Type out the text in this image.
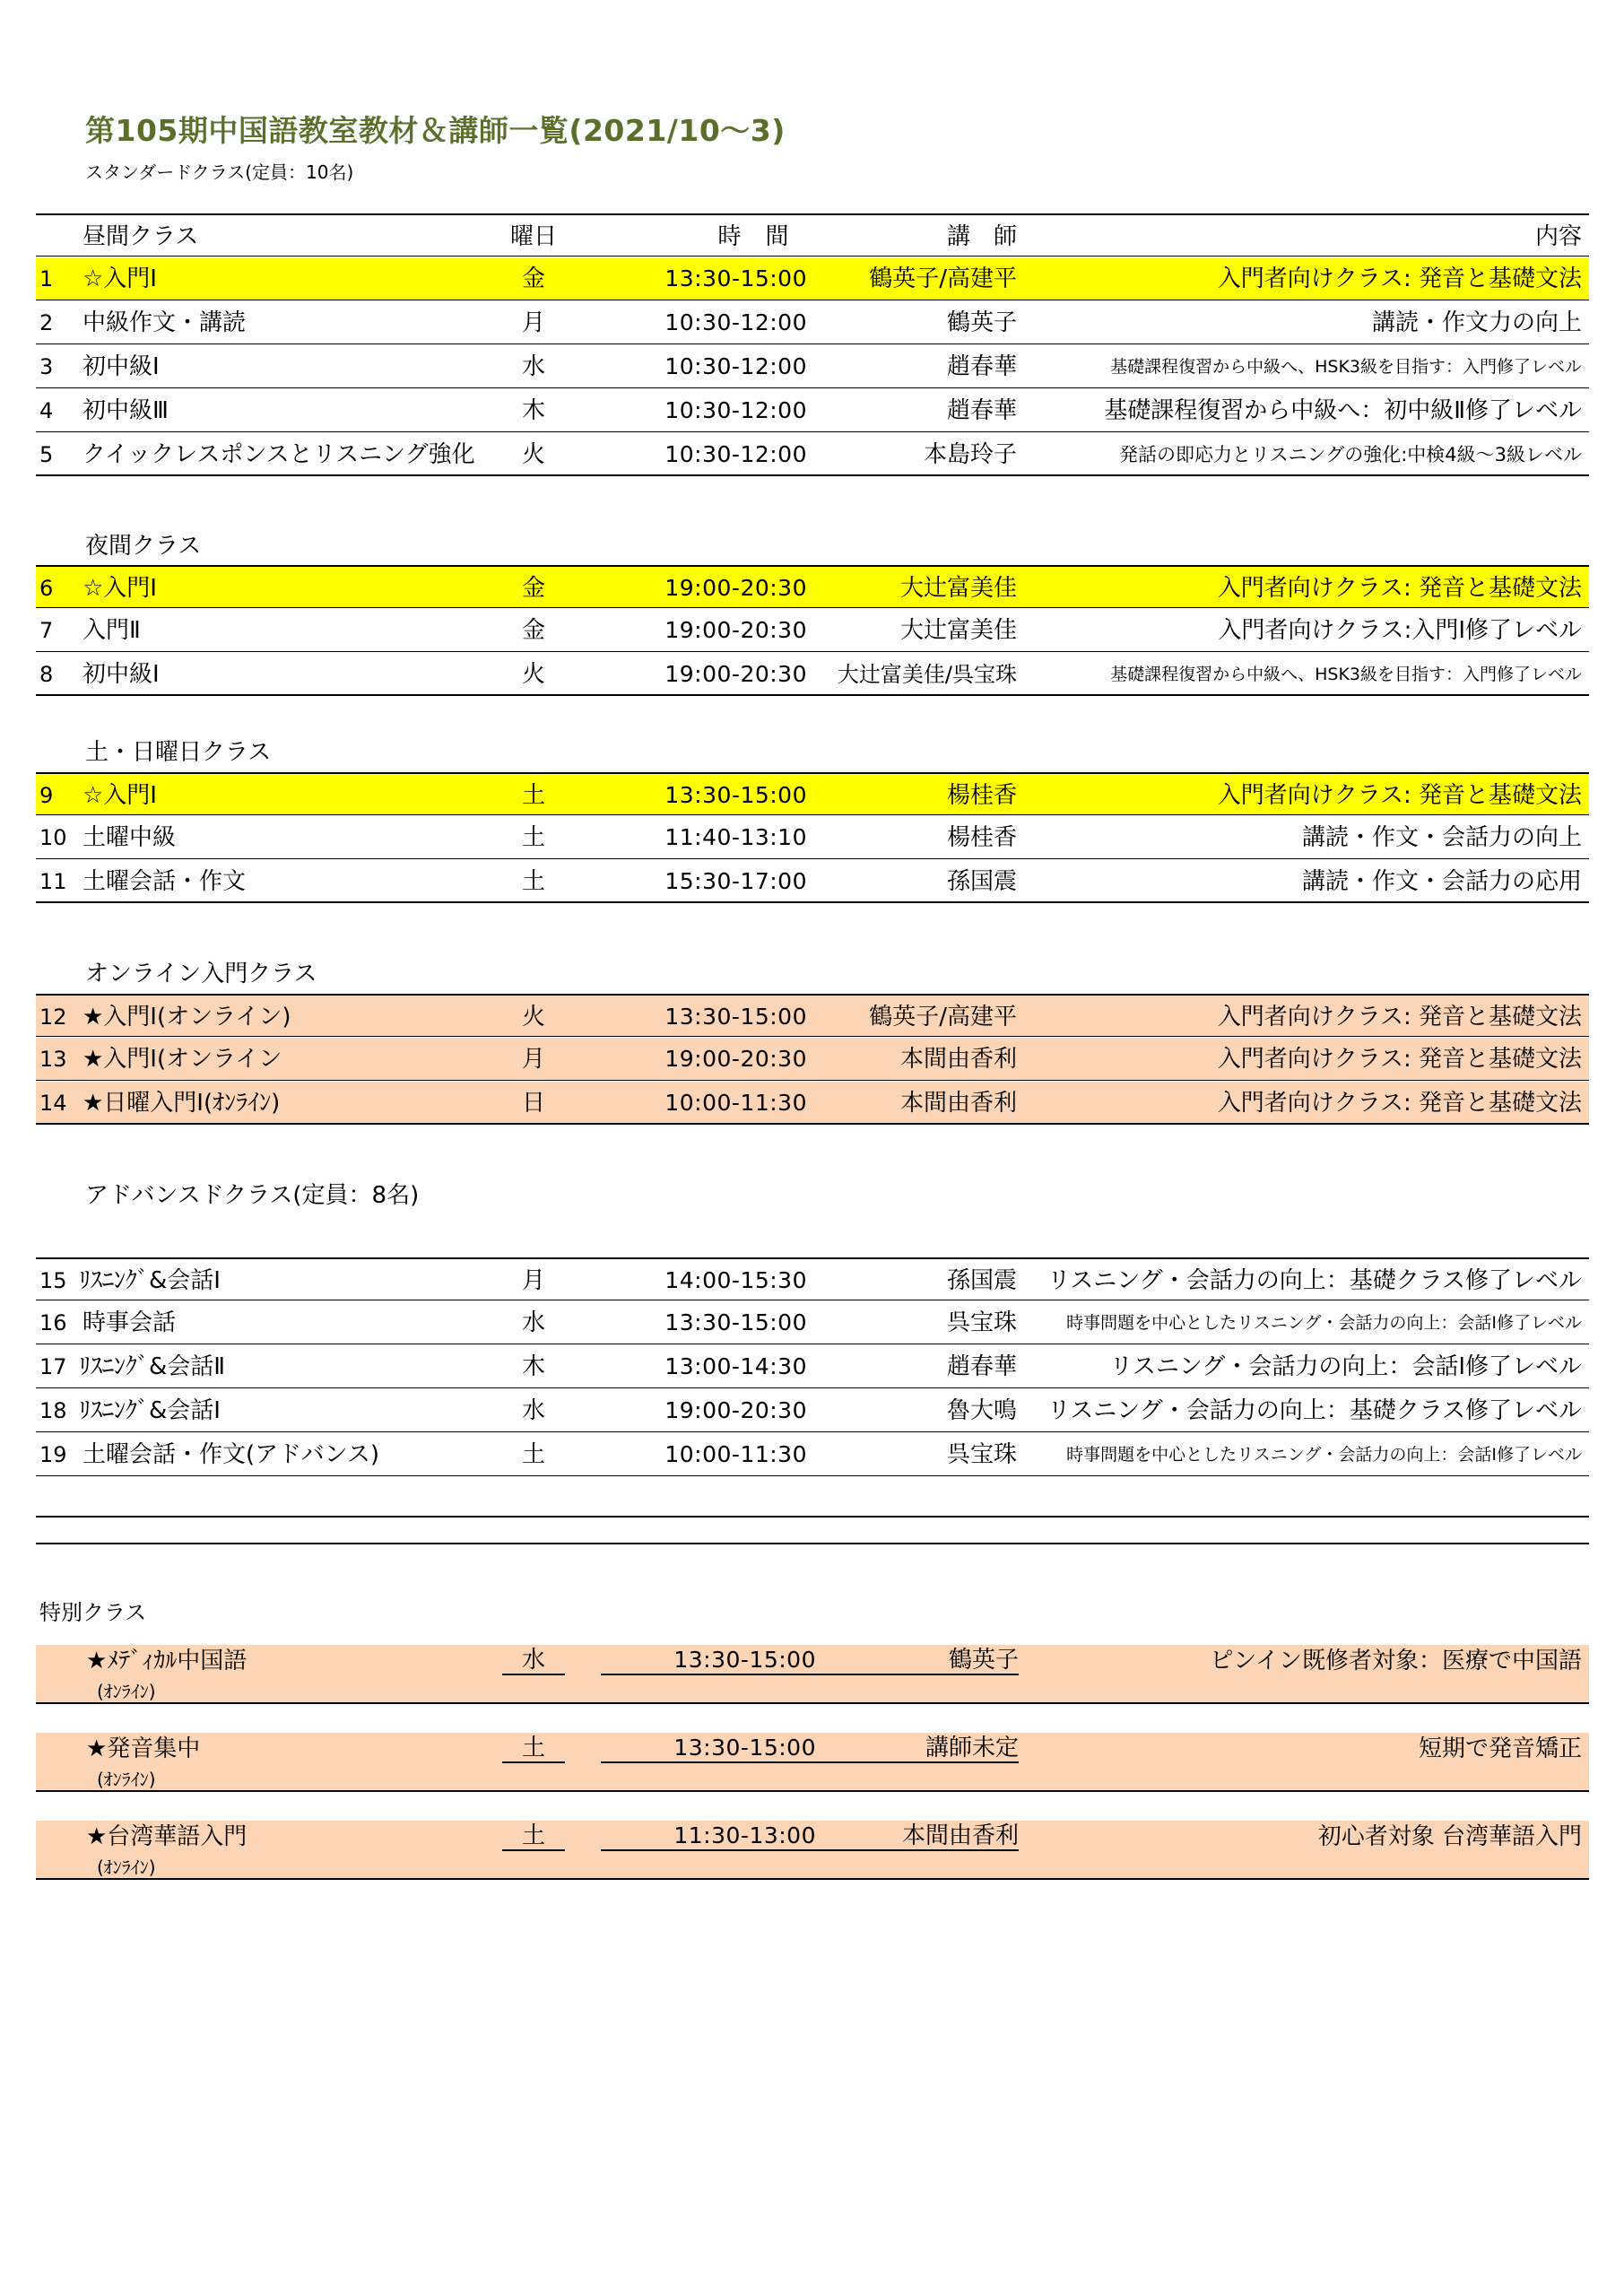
第105期中国語教室教材＆講師一覧(2021/10～3)
スタンダードクラス(定員：10名)
昼間クラス	曜日	時　間	講　師	内容
1	☆入門Ⅰ	金	13:30-15:00	鶴英子/高建平	入門者向けクラス: 発音と基礎文法
2	中級作文・講読	月	10:30-12:00	鶴英子	講読・作文力の向上
3	初中級Ⅰ	水	10:30-12:00	趙春華	基礎課程復習から中級へ、HSK3級を目指す：入門修了レベル
4	初中級Ⅲ	木	10:30-12:00	趙春華	基礎課程復習から中級へ：初中級Ⅱ修了レベル
5	クイックレスポンスとリスニング強化	火	10:30-12:00	本島玲子	発話の即応力とリスニングの強化:中検4級～3級レベル
夜間クラス
6	☆入門Ⅰ	金	19:00-20:30	大辻富美佳	入門者向けクラス: 発音と基礎文法
7	入門Ⅱ	金	19:00-20:30	大辻富美佳	入門者向けクラス:入門Ⅰ修了レベル
8	初中級Ⅰ	火	19:00-20:30	大辻富美佳/呉宝珠	基礎課程復習から中級へ、HSK3級を目指す：入門修了レベル
土・日曜日クラス
9	☆入門Ⅰ	土	13:30-15:00	楊桂香	入門者向けクラス: 発音と基礎文法
10 土曜中級	土	11:40-13:10	楊桂香	講読・作文・会話力の向上
11 土曜会話・作文	土	15:30-17:00	孫国震	講読・作文・会話力の応用
オンライン入門クラス
12 ★入門Ⅰ(オンライン)	火	13:30-15:00	鶴英子/高建平	入門者向けクラス: 発音と基礎文法
13 ★入門Ⅰ(オンライン	月	19:00-20:30	本間由香利	入門者向けクラス: 発音と基礎文法
14 ★日曜入門Ⅰ(ｵﾝﾗｲﾝ)	日	10:00-11:30	本間由香利	入門者向けクラス: 発音と基礎文法
アドバンスドクラス(定員：8名)
15 ﾘｽﾆﾝｸﾞ&会話Ⅰ	月	14:00-15:30	孫国震	リスニング・会話力の向上：基礎クラス修了レベル
16 時事会話	水	13:30-15:00	呉宝珠	時事問題を中心としたリスニング・会話力の向上：会話Ⅰ修了レベル
17 ﾘｽﾆﾝｸﾞ&会話Ⅱ	木	13:00-14:30	趙春華	リスニング・会話力の向上：会話Ⅰ修了レベル
18 ﾘｽﾆﾝｸﾞ&会話Ⅰ	水	19:00-20:30	魯大鳴	リスニング・会話力の向上：基礎クラス修了レベル
19 土曜会話・作文(アドバンス)	土	10:00-11:30	呉宝珠	時事問題を中心としたリスニング・会話力の向上：会話Ⅰ修了レベル
特別クラス
★ﾒﾃﾞｨｶﾙ中国語
(ｵﾝﾗｲﾝ)
水	13:30-15:00	鶴英子	ピンイン既修者対象：医療で中国語
★発音集中
(ｵﾝﾗｲﾝ)
土	13:30-15:00	講師未定	短期で発音矯正
★台湾華語入門
(ｵﾝﾗｲﾝ)
土	11:30-13:00	本間由香利	初心者対象 台湾華語入門
